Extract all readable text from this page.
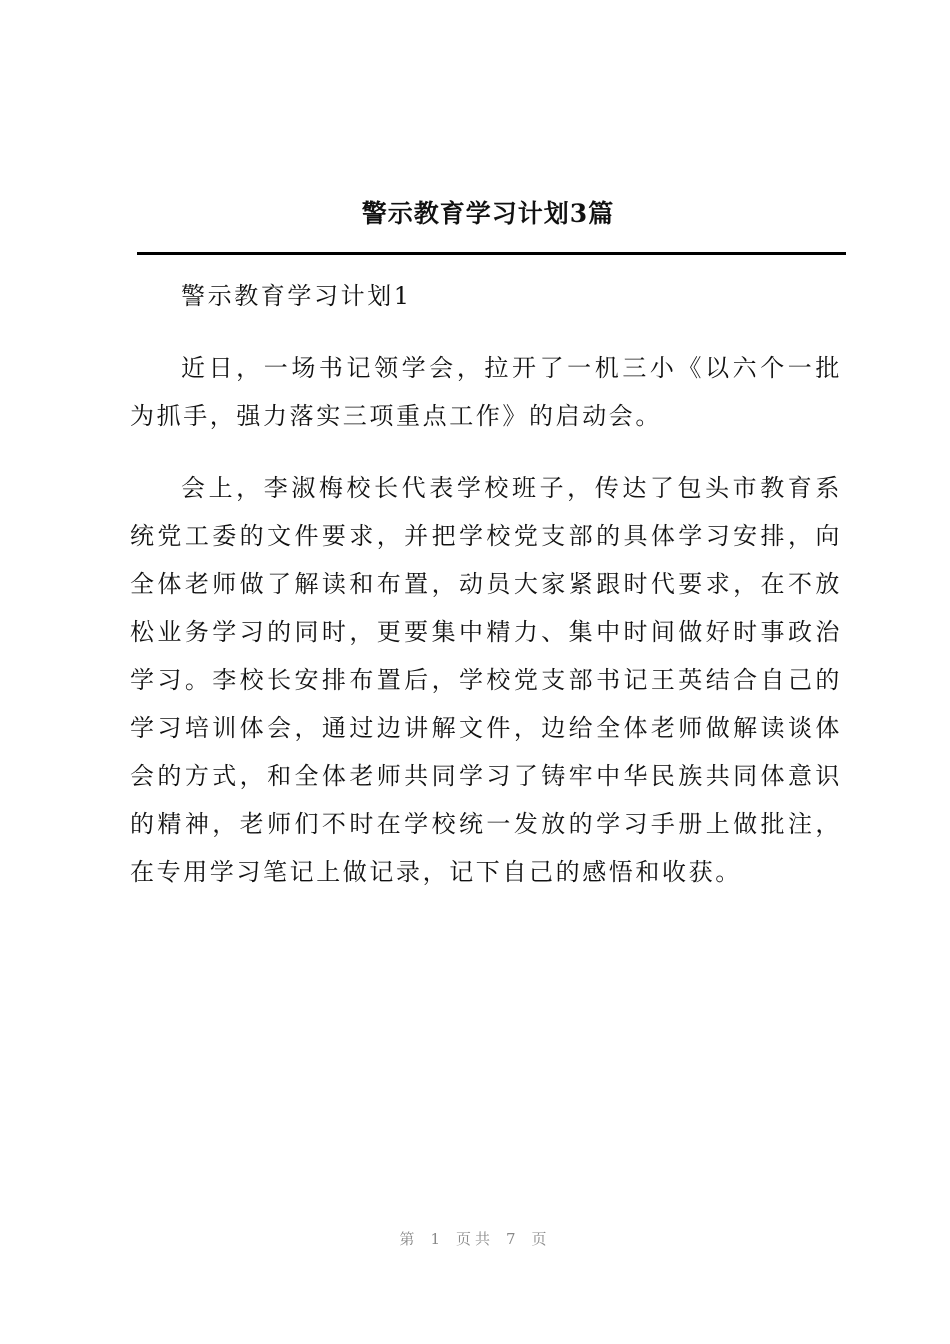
警示教育学习计划3篇

警示教育学习计划1

近日，一场书记领学会，拉开了一机三小《以六个一批为抓手，强力落实三项重点工作》的启动会。

会上，李淑梅校长代表学校班子，传达了包头市教育系统党工委的文件要求，并把学校党支部的具体学习安排，向全体老师做了解读和布置，动员大家紧跟时代要求，在不放松业务学习的同时，更要集中精力、集中时间做好时事政治学习。李校长安排布置后，学校党支部书记王英结合自己的学习培训体会，通过边讲解文件，边给全体老师做解读谈体会的方式，和全体老师共同学习了铸牢中华民族共同体意识的精神，老师们不时在学校统一发放的学习手册上做批注，在专用学习笔记上做记录，记下自己的感悟和收获。

第 1 页共 7 页
